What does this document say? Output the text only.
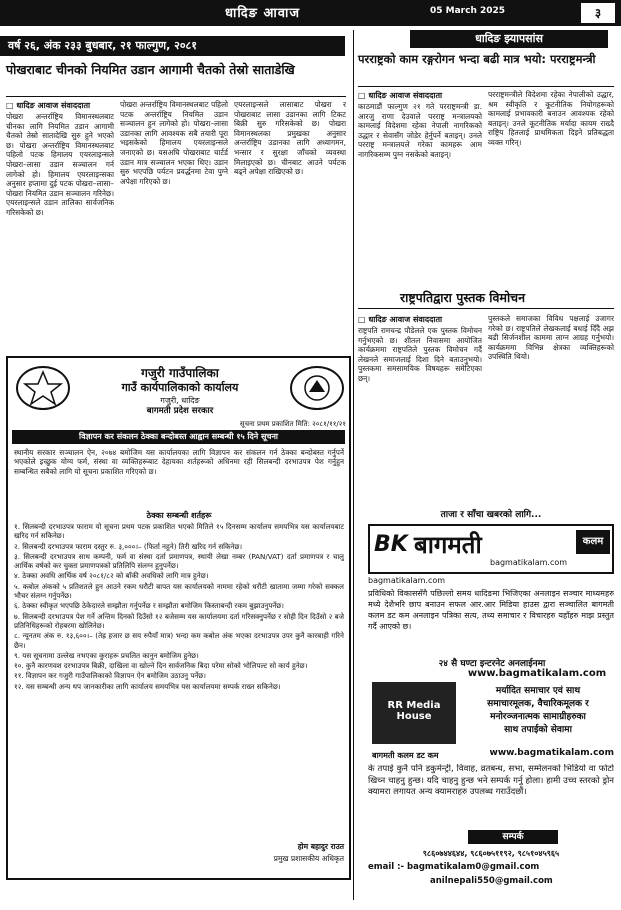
धादिङ आवाज	05 March 2025	३
वर्ष २६, अंक २३३ बुधबार, २१ फाल्गुण, २०८१
धादिङ झ्यापसांस
पोखराबाट चीनको नियमित उडान आगामी चैतको तेस्रो साताडेखि
□ धादिङ आवाज संवाददाता
पोखरा अन्तर्राष्ट्रिय विमानस्थलबाट चीनका लागि नियमित उडान आगामी चैतको तेस्रो सातादेखि सुरु हुने भएको छ। पोखरा अन्तर्राष्ट्रिय विमानस्थलबाट पहिलो पटक हिमालय एयरलाइन्सले पोखरा–लासा उडान सञ्चालन गर्न लागेको हो। हिमालय एयरलाइन्सका अनुसार हप्तामा दुई पटक पोखरा–लासा–पोखरा नियमित उडान सञ्चालन गरिनेछ। एयरलाइन्सले उडान तालिका सार्वजनिक गरिसकेको छ।
पोखरा अन्तर्राष्ट्रिय विमानस्थलबाट पहिलो पटक अन्तर्राष्ट्रिय नियमित उडान सञ्चालन हुन लागेको हो। पोखरा–लासा उडानका लागि आवश्यक सबै तयारी पूरा भइसकेको हिमालय एयरलाइन्सले जनाएको छ। यसअघि पोखराबाट चार्टर्ड उडान मात्र सञ्चालन भएका थिए। उडान सुरु भएपछि पर्यटन प्रवर्द्धनमा टेवा पुग्ने अपेक्षा गरिएको छ।
एयरलाइन्सले लासाबाट पोखरा र पोखराबाट लासा उडानका लागि टिकट बिक्री सुरु गरिसकेको छ। पोखरा विमानस्थलका प्रमुखका अनुसार अन्तर्राष्ट्रिय उडानका लागि अध्यागमन, भन्सार र सुरक्षा जाँचको व्यवस्था मिलाइएको छ। चीनबाट आउने पर्यटक बढ्ने अपेक्षा राखिएको छ।
परराष्ट्रको काम रङ्गरोगन भन्दा बढी मात्र भयो: परराष्ट्रमन्त्री
□ धादिङ आवाज संवाददाता
काठमाडौं फाल्गुण २१ गते परराष्ट्रमन्त्री डा. आरजु राणा देउवाले परराष्ट्र मन्त्रालयको कामलाई विदेशमा रहेका नेपाली नागरिकको उद्धार र सेवासँग जोडेर हेर्नुपर्ने बताइन्। उनले परराष्ट्र मन्त्रालयले गरेका कामहरू आम नागरिकसम्म पुग्न नसकेको बताइन्।
परराष्ट्रमन्त्रीले विदेशमा रहेका नेपालीको उद्धार, श्रम स्वीकृति र कूटनीतिक नियोगहरूको कामलाई प्रभावकारी बनाउन आवश्यक रहेको बताइन्। उनले कूटनीतिक मर्यादा कायम राख्दै राष्ट्रिय हितलाई प्राथमिकता दिइने प्रतिबद्धता व्यक्त गरिन्।
राष्ट्रपतिद्वारा पुस्तक विमोचन
□ धादिङ आवाज संवाददाता
राष्ट्रपति रामचन्द्र पौडेलले एक पुस्तक विमोचन गर्नुभएको छ। शीतल निवासमा आयोजित कार्यक्रममा राष्ट्रपतिले पुस्तक विमोचन गर्दै लेखनले समाजलाई दिशा दिने बताउनुभयो। पुस्तकमा समसामयिक विषयहरू समेटिएका छन्।
पुस्तकले समाजका विविध पक्षलाई उजागर गरेको छ। राष्ट्रपतिले लेखकलाई बधाई दिँदै अझ बढी सिर्जनशील काममा लाग्न आग्रह गर्नुभयो। कार्यक्रममा विभिन्न क्षेत्रका व्यक्तिहरूको उपस्थिति थियो।
गजुरी गाउँपालिका
गाउँ कार्यपालिकाको कार्यालय
गजुरी, धादिङ
बागमती प्रदेश सरकार
सूचना प्रथम प्रकाशित मिति: २०८१/११/२१
विज्ञापन कर संकलन ठेक्का बन्दोबस्त आह्वान सम्बन्धी १५ दिने सूचना
स्थानीय सरकार सञ्चालन ऐन, २०७४ बमोजिम यस कार्यालयका लागि विज्ञापन कर संकलन गर्न ठेक्का बन्दोबस्त गर्नुपर्ने भएकोले इच्छुक योग्य फर्म, संस्था वा व्यक्तिहरूबाट देहायका शर्तहरूको अधिनमा रही सिलबन्दी दरभाउपत्र पेश गर्नुहुन सम्बन्धित सबैको लागि यो सूचना प्रकाशित गरिएको छ।
ठेक्का सम्बन्धी शर्तहरू
१. सिलबन्दी दरभाउपत्र फाराम यो सूचना प्रथम पटक प्रकाशित भएको मितिले १५ दिनसम्म कार्यालय समयभित्र यस कार्यालयबाट खरिद गर्न सकिनेछ।
२. सिलबन्दी दरभाउपत्र फाराम दस्तुर रु. ३,०००।– (फिर्ता नहुने) तिरी खरिद गर्न सकिनेछ।
३. सिलबन्दी दरभाउपत्र साथ कम्पनी, फर्म वा संस्था दर्ता प्रमाणपत्र, स्थायी लेखा नम्बर (PAN/VAT) दर्ता प्रमाणपत्र र चालु आर्थिक वर्षको कर चुक्ता प्रमाणपत्रको प्रतिलिपि संलग्न हुनुपर्नेछ।
४. ठेक्का अवधि आर्थिक वर्ष २०८१/८२ को बाँकी अवधिको लागि मात्र हुनेछ।
५. कबोल अंकको ५ प्रतिशतले हुन आउने रकम धरौटी बापत यस कार्यालयको नाममा रहेको धरौटी खातामा जम्मा गरेको सक्कल भौचर संलग्न गर्नुपर्नेछ।
६. ठेक्का स्वीकृत भएपछि ठेकेदारले सम्झौता गर्नुपर्नेछ र सम्झौता बमोजिम किस्ताबन्दी रकम बुझाउनुपर्नेछ।
७. सिलबन्दी दरभाउपत्र पेश गर्ने अन्तिम दिनको दिउँसो १२ बजेसम्म यस कार्यालयमा दर्ता गरिसक्नुपर्नेछ र सोही दिन दिउँसो २ बजे प्रतिनिधिहरूको रोहबरमा खोलिनेछ।
८. न्यूनतम अंक रु. १३,६००।– (तेह्र हजार छ सय रुपैयाँ मात्र) भन्दा कम कबोल अंक भएका दरभाउपत्र उपर कुनै कारबाही गरिने छैन।
९. यस सूचनामा उल्लेख नभएका कुराहरू प्रचलित कानुन बमोजिम हुनेछ।
१०. कुनै कारणवश दरभाउपत्र बिक्री, दाखिला वा खोल्ने दिन सार्वजनिक बिदा परेमा सोको भोलिपल्ट सो कार्य हुनेछ।
११. विज्ञापन कर गजुरी गाउँपालिकाको विज्ञापन ऐन बमोजिम उठाउनु पर्नेछ।
१२. यस सम्बन्धी अन्य थप जानकारीका लागि कार्यालय समयभित्र यस कार्यालयमा सम्पर्क राख्न सकिनेछ।
होम बहादुर राउत
प्रमुख प्रशासकीय अधिकृत
ताजा र साँचा खबरको लागि...
BK बागमती	कलम
bagmatikalam.com
bagmatikalam.com
प्रविधिको विकाससँगै पछिल्लो समय धादिङमा भिजिएका अनलाइन सञ्चार माध्यमहरु मध्ये देशैभरि छाप बनाउन सफल आर.आर मिडिया हाउस द्वारा सञ्चालित बागमती कलम डट कम अनलाइन पत्रिका सत्य, तथ्य समाचार र विचारहरु यहाँहरु माझ प्रस्तुत गर्दै आएको छ।
२४ सै घण्टा इन्टरनेट अनलाईनमा
www.bagmatikalam.com
RR Media House
मर्यादित समाचार एवं साथ
समाचारमूलक, वैचारिकमूलक र
मनोरञ्जनात्मक सामाग्रीहरुका
साथ तपाईको सेवामा
बागमती कलम डट कम	www.bagmatikalam.com
के तपाई कुनै पनि डकुमेन्ट्री, विवाह, व्रतबन्ध, सभा, सम्मेलनको भिडियो वा फोटो खिच्न चाहनु हुन्छ। यदि चाहनु हुन्छ भने सम्पर्क गर्नु होला। हामी उच्च स्तरको ड्रोन क्यामरा लगायत अन्य क्यामराहरु उपलब्ध गराउँदछौं।
सम्पर्क
९८६०७४४६४४, ९८६०७५११९२, ९८५१०४५९६५
email :- bagmatikalam0@gmail.com
anilnepali550@gmail.com
